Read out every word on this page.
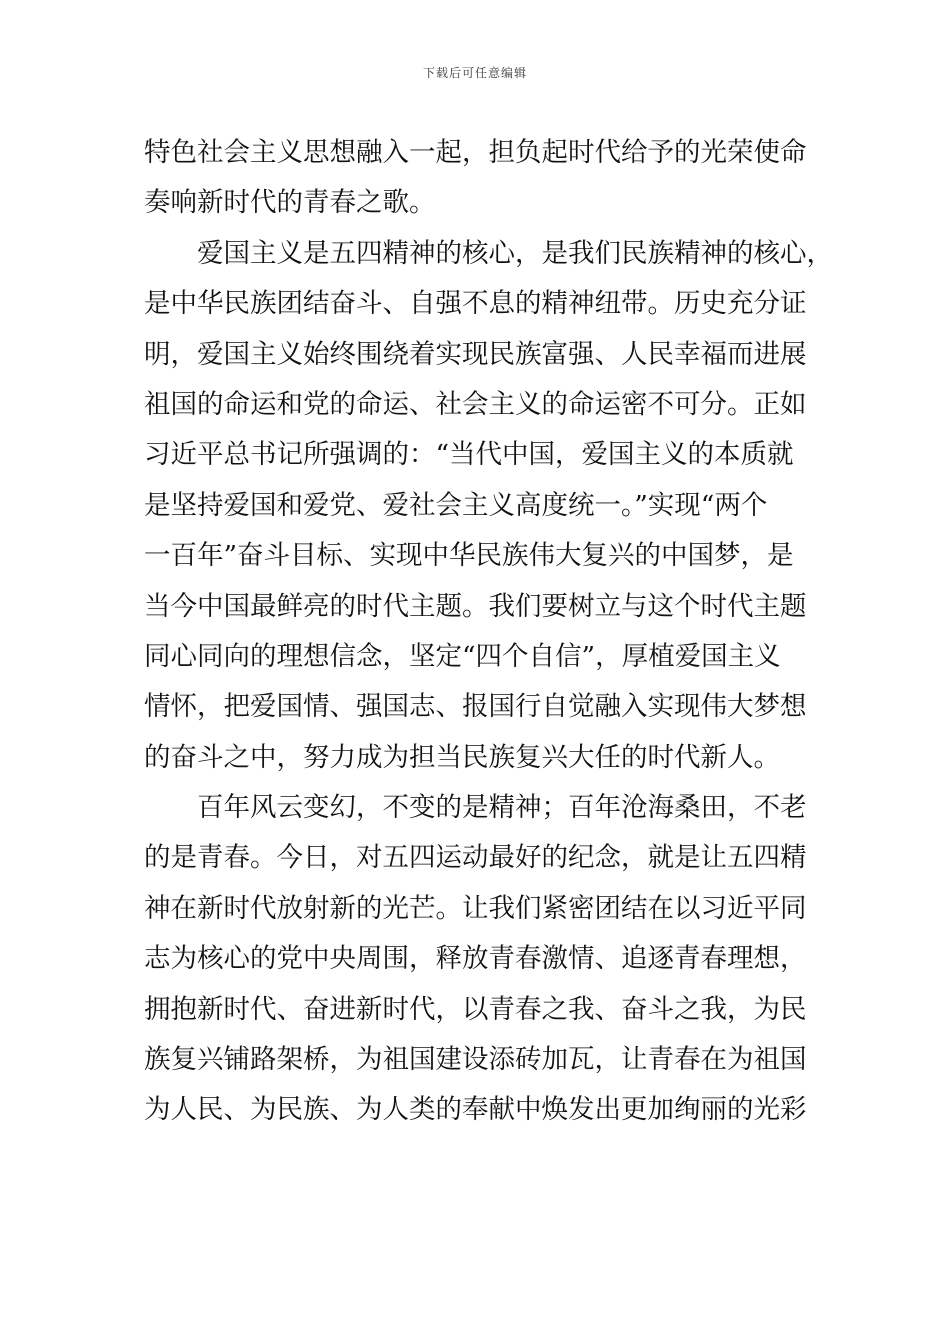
下载后可任意编辑
特色社会主义思想融入一起，担负起时代给予的光荣使命
奏响新时代的青春之歌。
爱国主义是五四精神的核心，是我们民族精神的核心，
是中华民族团结奋斗、自强不息的精神纽带。历史充分证
明，爱国主义始终围绕着实现民族富强、人民幸福而进展
祖国的命运和党的命运、社会主义的命运密不可分。正如
习近平总书记所强调的：“当代中国，爱国主义的本质就
是坚持爱国和爱党、爱社会主义高度统一。”实现“两个
一百年”奋斗目标、实现中华民族伟大复兴的中国梦，是
当今中国最鲜亮的时代主题。我们要树立与这个时代主题
同心同向的理想信念，坚定“四个自信”，厚植爱国主义
情怀，把爱国情、强国志、报国行自觉融入实现伟大梦想
的奋斗之中，努力成为担当民族复兴大任的时代新人。
百年风云变幻，不变的是精神；百年沧海桑田，不老
的是青春。今日，对五四运动最好的纪念，就是让五四精
神在新时代放射新的光芒。让我们紧密团结在以习近平同
志为核心的党中央周围，释放青春激情、追逐青春理想，
拥抱新时代、奋进新时代，以青春之我、奋斗之我，为民
族复兴铺路架桥，为祖国建设添砖加瓦，让青春在为祖国
为人民、为民族、为人类的奉献中焕发出更加绚丽的光彩
